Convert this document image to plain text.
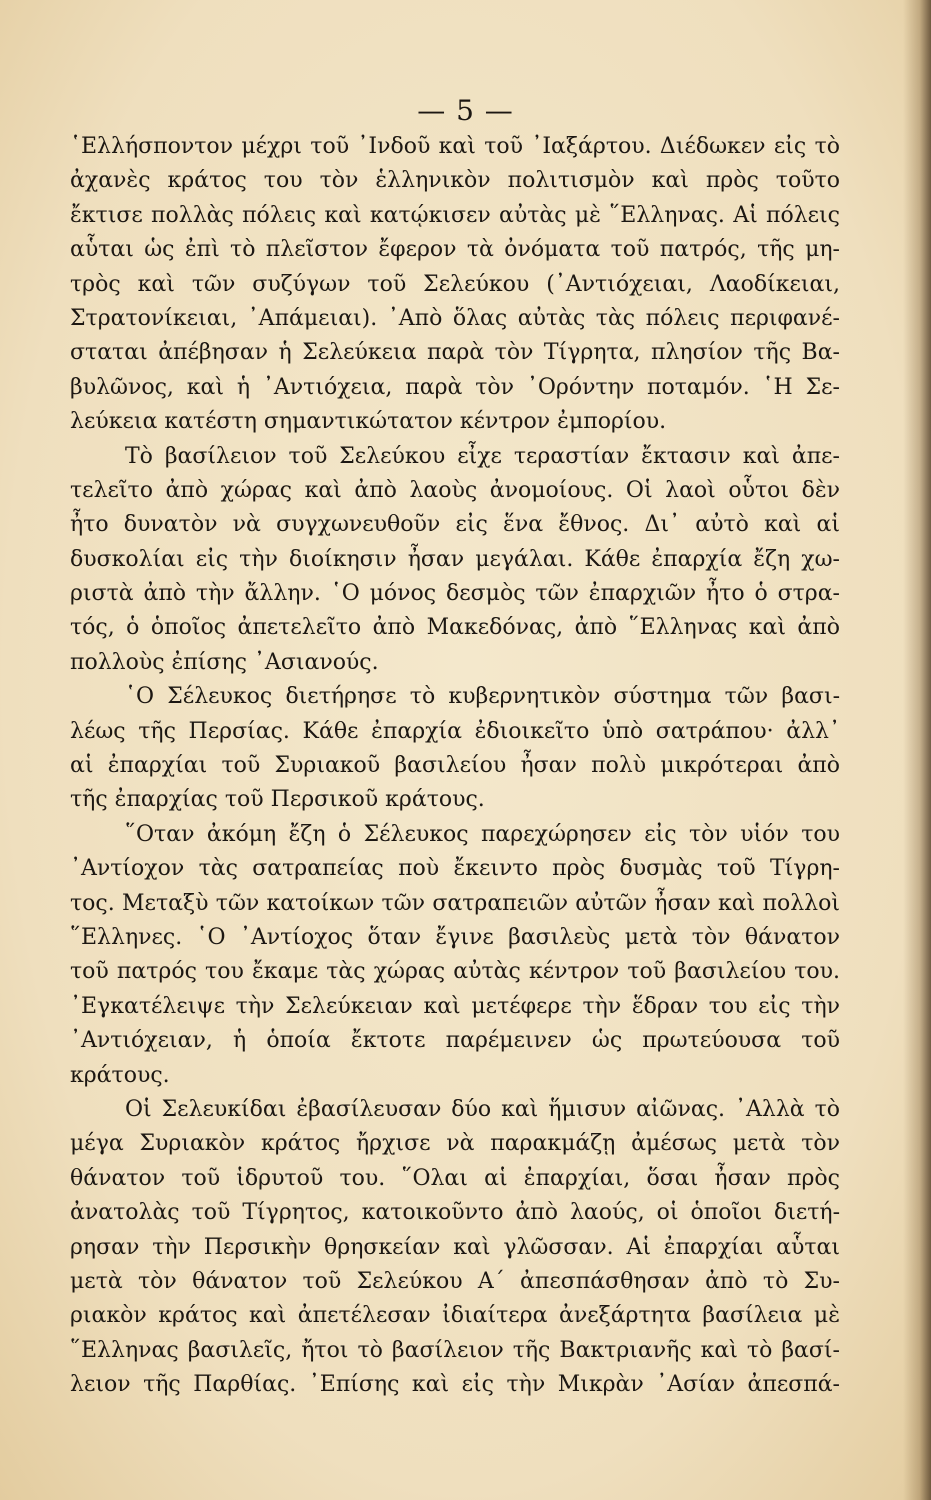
— 5 —
῾Ελλήσποντον μέχρι τοῦ ᾿Ινδοῦ καὶ τοῦ ᾿Ιαξάρτου. Διέδωκεν εἰς τὸ
ἀχανὲς κράτος του τὸν ἑλληνικὸν πολιτισμὸν καὶ πρὸς τοῦτο
ἔκτισε πολλὰς πόλεις καὶ κατῴκισεν αὐτὰς μὲ ῞Ελληνας. Αἱ πόλεις
αὗται ὡς ἐπὶ τὸ πλεῖστον ἔφερον τὰ ὀνόματα τοῦ πατρός, τῆς μη-
τρὸς καὶ τῶν συζύγων τοῦ Σελεύκου (᾿Αντιόχειαι, Λαοδίκειαι,
Στρατονίκειαι, ᾿Απάμειαι). ᾿Απὸ ὅλας αὐτὰς τὰς πόλεις περιφανέ-
σταται ἀπέβησαν ἡ Σελεύκεια παρὰ τὸν Τίγρητα, πλησίον τῆς Βα-
βυλῶνος, καὶ ἡ ᾿Αντιόχεια, παρὰ τὸν ᾿Ορόντην ποταμόν. ῾Η Σε-
λεύκεια κατέστη σημαντικώτατον κέντρον ἐμπορίου.
Τὸ βασίλειον τοῦ Σελεύκου εἶχε τεραστίαν ἔκτασιν καὶ ἀπε-
τελεῖτο ἀπὸ χώρας καὶ ἀπὸ λαοὺς ἀνομοίους. Οἱ λαοὶ οὗτοι δὲν
ἦτο δυνατὸν νὰ συγχωνευθοῦν εἰς ἕνα ἔθνος. Δι᾿ αὐτὸ καὶ αἱ
δυσκολίαι εἰς τὴν διοίκησιν ἦσαν μεγάλαι. Κάθε ἐπαρχία ἔζη χω-
ριστὰ ἀπὸ τὴν ἄλλην. ῾Ο μόνος δεσμὸς τῶν ἐπαρχιῶν ἦτο ὁ στρα-
τός, ὁ ὁποῖος ἀπετελεῖτο ἀπὸ Μακεδόνας, ἀπὸ ῞Ελληνας καὶ ἀπὸ
πολλοὺς ἐπίσης ᾿Ασιανούς.
῾Ο Σέλευκος διετήρησε τὸ κυβερνητικὸν σύστημα τῶν βασι-
λέως τῆς Περσίας. Κάθε ἐπαρχία ἐδιοικεῖτο ὑπὸ σατράπου· ἀλλ᾿
αἱ ἐπαρχίαι τοῦ Συριακοῦ βασιλείου ἦσαν πολὺ μικρότεραι ἀπὸ
τῆς ἐπαρχίας τοῦ Περσικοῦ κράτους.
῞Οταν ἀκόμη ἔζη ὁ Σέλευκος παρεχώρησεν εἰς τὸν υἱόν του
᾿Αντίοχον τὰς σατραπείας ποὺ ἔκειντο πρὸς δυσμὰς τοῦ Τίγρη-
τος. Μεταξὺ τῶν κατοίκων τῶν σατραπειῶν αὐτῶν ἦσαν καὶ πολλοὶ
῞Ελληνες. ῾Ο ᾿Αντίοχος ὅταν ἔγινε βασιλεὺς μετὰ τὸν θάνατον
τοῦ πατρός του ἔκαμε τὰς χώρας αὐτὰς κέντρον τοῦ βασιλείου του.
᾿Εγκατέλειψε τὴν Σελεύκειαν καὶ μετέφερε τὴν ἕδραν του εἰς τὴν
᾿Αντιόχειαν, ἡ ὁποία ἔκτοτε παρέμεινεν ὡς πρωτεύουσα τοῦ
κράτους.
Οἱ Σελευκίδαι ἐβασίλευσαν δύο καὶ ἥμισυν αἰῶνας. ᾿Αλλὰ τὸ
μέγα Συριακὸν κράτος ἤρχισε νὰ παρακμάζῃ ἀμέσως μετὰ τὸν
θάνατον τοῦ ἱδρυτοῦ του. ῞Ολαι αἱ ἐπαρχίαι, ὅσαι ἦσαν πρὸς
ἀνατολὰς τοῦ Τίγρητος, κατοικοῦντο ἀπὸ λαούς, οἱ ὁποῖοι διετή-
ρησαν τὴν Περσικὴν θρησκείαν καὶ γλῶσσαν. Αἱ ἐπαρχίαι αὗται
μετὰ τὸν θάνατον τοῦ Σελεύκου Α΄ ἀπεσπάσθησαν ἀπὸ τὸ Συ-
ριακὸν κράτος καὶ ἀπετέλεσαν ἰδιαίτερα ἀνεξάρτητα βασίλεια μὲ
῞Ελληνας βασιλεῖς, ἤτοι τὸ βασίλειον τῆς Βακτριανῆς καὶ τὸ βασί-
λειον τῆς Παρθίας. ᾿Επίσης καὶ εἰς τὴν Μικρὰν ᾿Ασίαν ἀπεσπά-
